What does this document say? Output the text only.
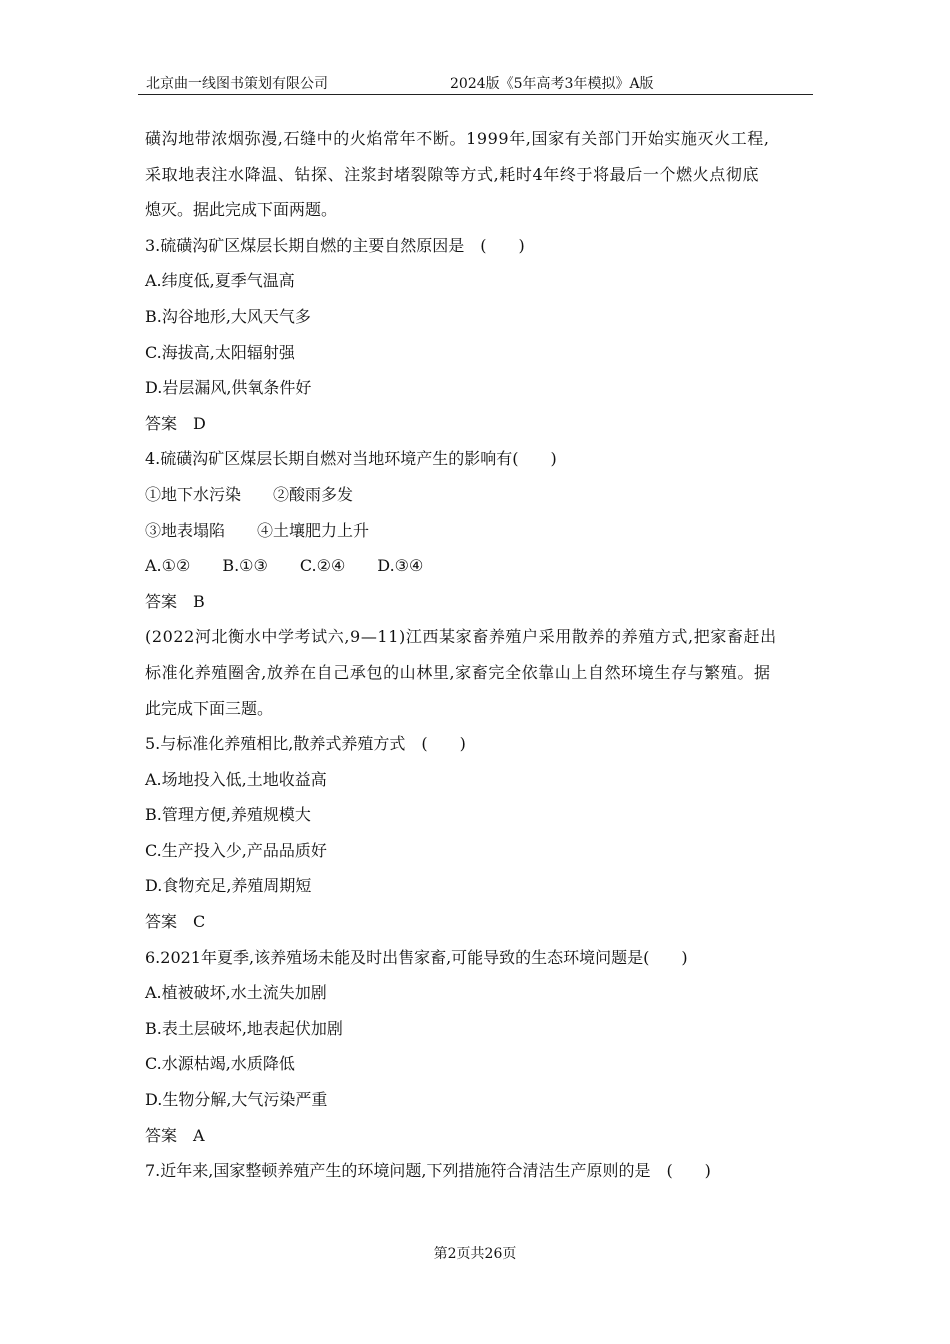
北京曲一线图书策划有限公司	2024版《5年高考3年模拟》A版
磺沟地带浓烟弥漫,石缝中的火焰常年不断。1999年,国家有关部门开始实施灭火工程,
采取地表注水降温、钻探、注浆封堵裂隙等方式,耗时4年终于将最后一个燃火点彻底
熄灭。据此完成下面两题。
3.硫磺沟矿区煤层长期自燃的主要自然原因是　(　　)
A.纬度低,夏季气温高
B.沟谷地形,大风天气多
C.海拔高,太阳辐射强
D.岩层漏风,供氧条件好
答案　D
4.硫磺沟矿区煤层长期自燃对当地环境产生的影响有(　　)
①地下水污染　　②酸雨多发
③地表塌陷　　④土壤肥力上升
A.①②　　B.①③　　C.②④　　D.③④
答案　B
(2022河北衡水中学考试六,9—11)江西某家畜养殖户采用散养的养殖方式,把家畜赶出
标准化养殖圈舍,放养在自己承包的山林里,家畜完全依靠山上自然环境生存与繁殖。据
此完成下面三题。
5.与标准化养殖相比,散养式养殖方式　(　　)
A.场地投入低,土地收益高
B.管理方便,养殖规模大
C.生产投入少,产品品质好
D.食物充足,养殖周期短
答案　C
6.2021年夏季,该养殖场未能及时出售家畜,可能导致的生态环境问题是(　　)
A.植被破坏,水土流失加剧
B.表土层破坏,地表起伏加剧
C.水源枯竭,水质降低
D.生物分解,大气污染严重
答案　A
7.近年来,国家整顿养殖产生的环境问题,下列措施符合清洁生产原则的是　(　　)
第2页共26页
